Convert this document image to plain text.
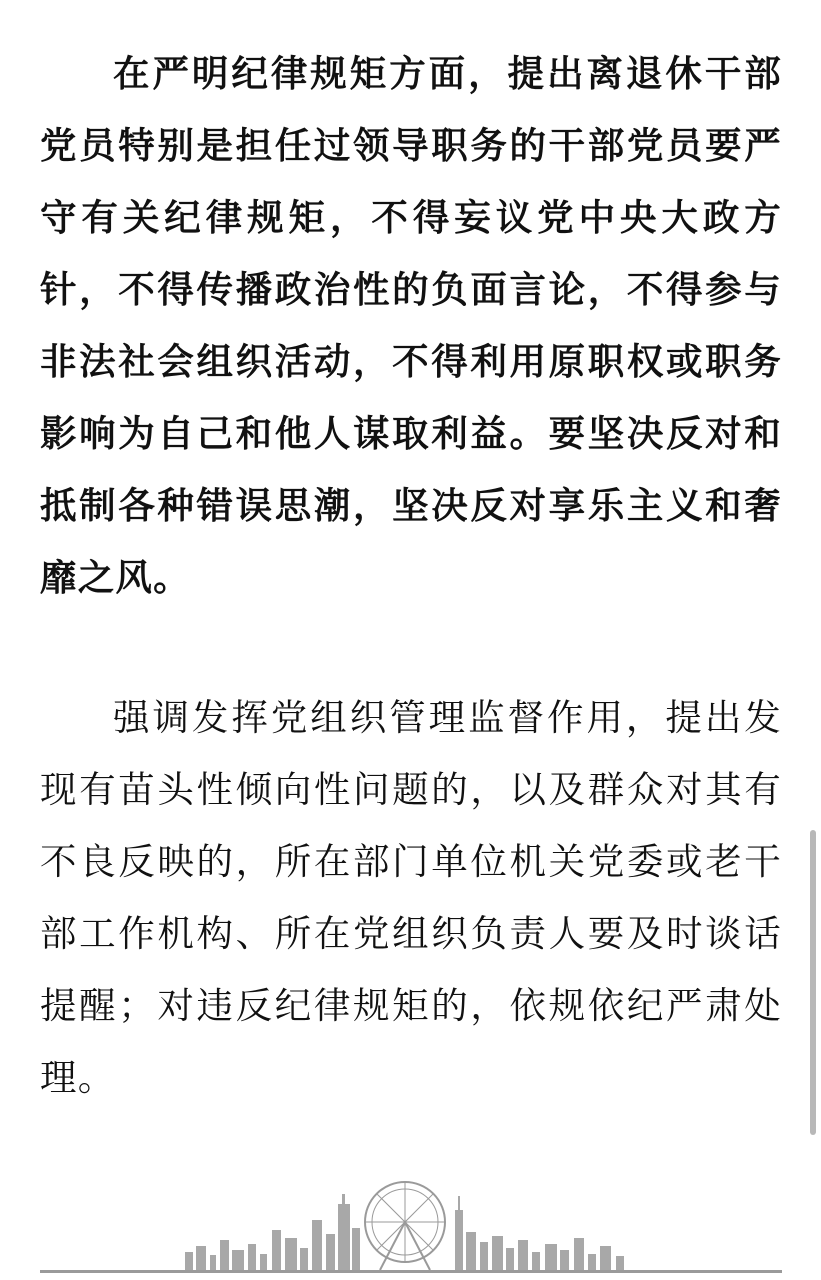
在严明纪律规矩方面，提出离退休干部党员特别是担任过领导职务的干部党员要严守有关纪律规矩，不得妄议党中央大政方针，不得传播政治性的负面言论，不得参与非法社会组织活动，不得利用原职权或职务影响为自己和他人谋取利益。要坚决反对和抵制各种错误思潮，坚决反对享乐主义和奢靡之风。

强调发挥党组织管理监督作用，提出发现有苗头性倾向性问题的，以及群众对其有不良反映的，所在部门单位机关党委或老干部工作机构、所在党组织负责人要及时谈话提醒；对违反纪律规矩的，依规依纪严肃处理。
